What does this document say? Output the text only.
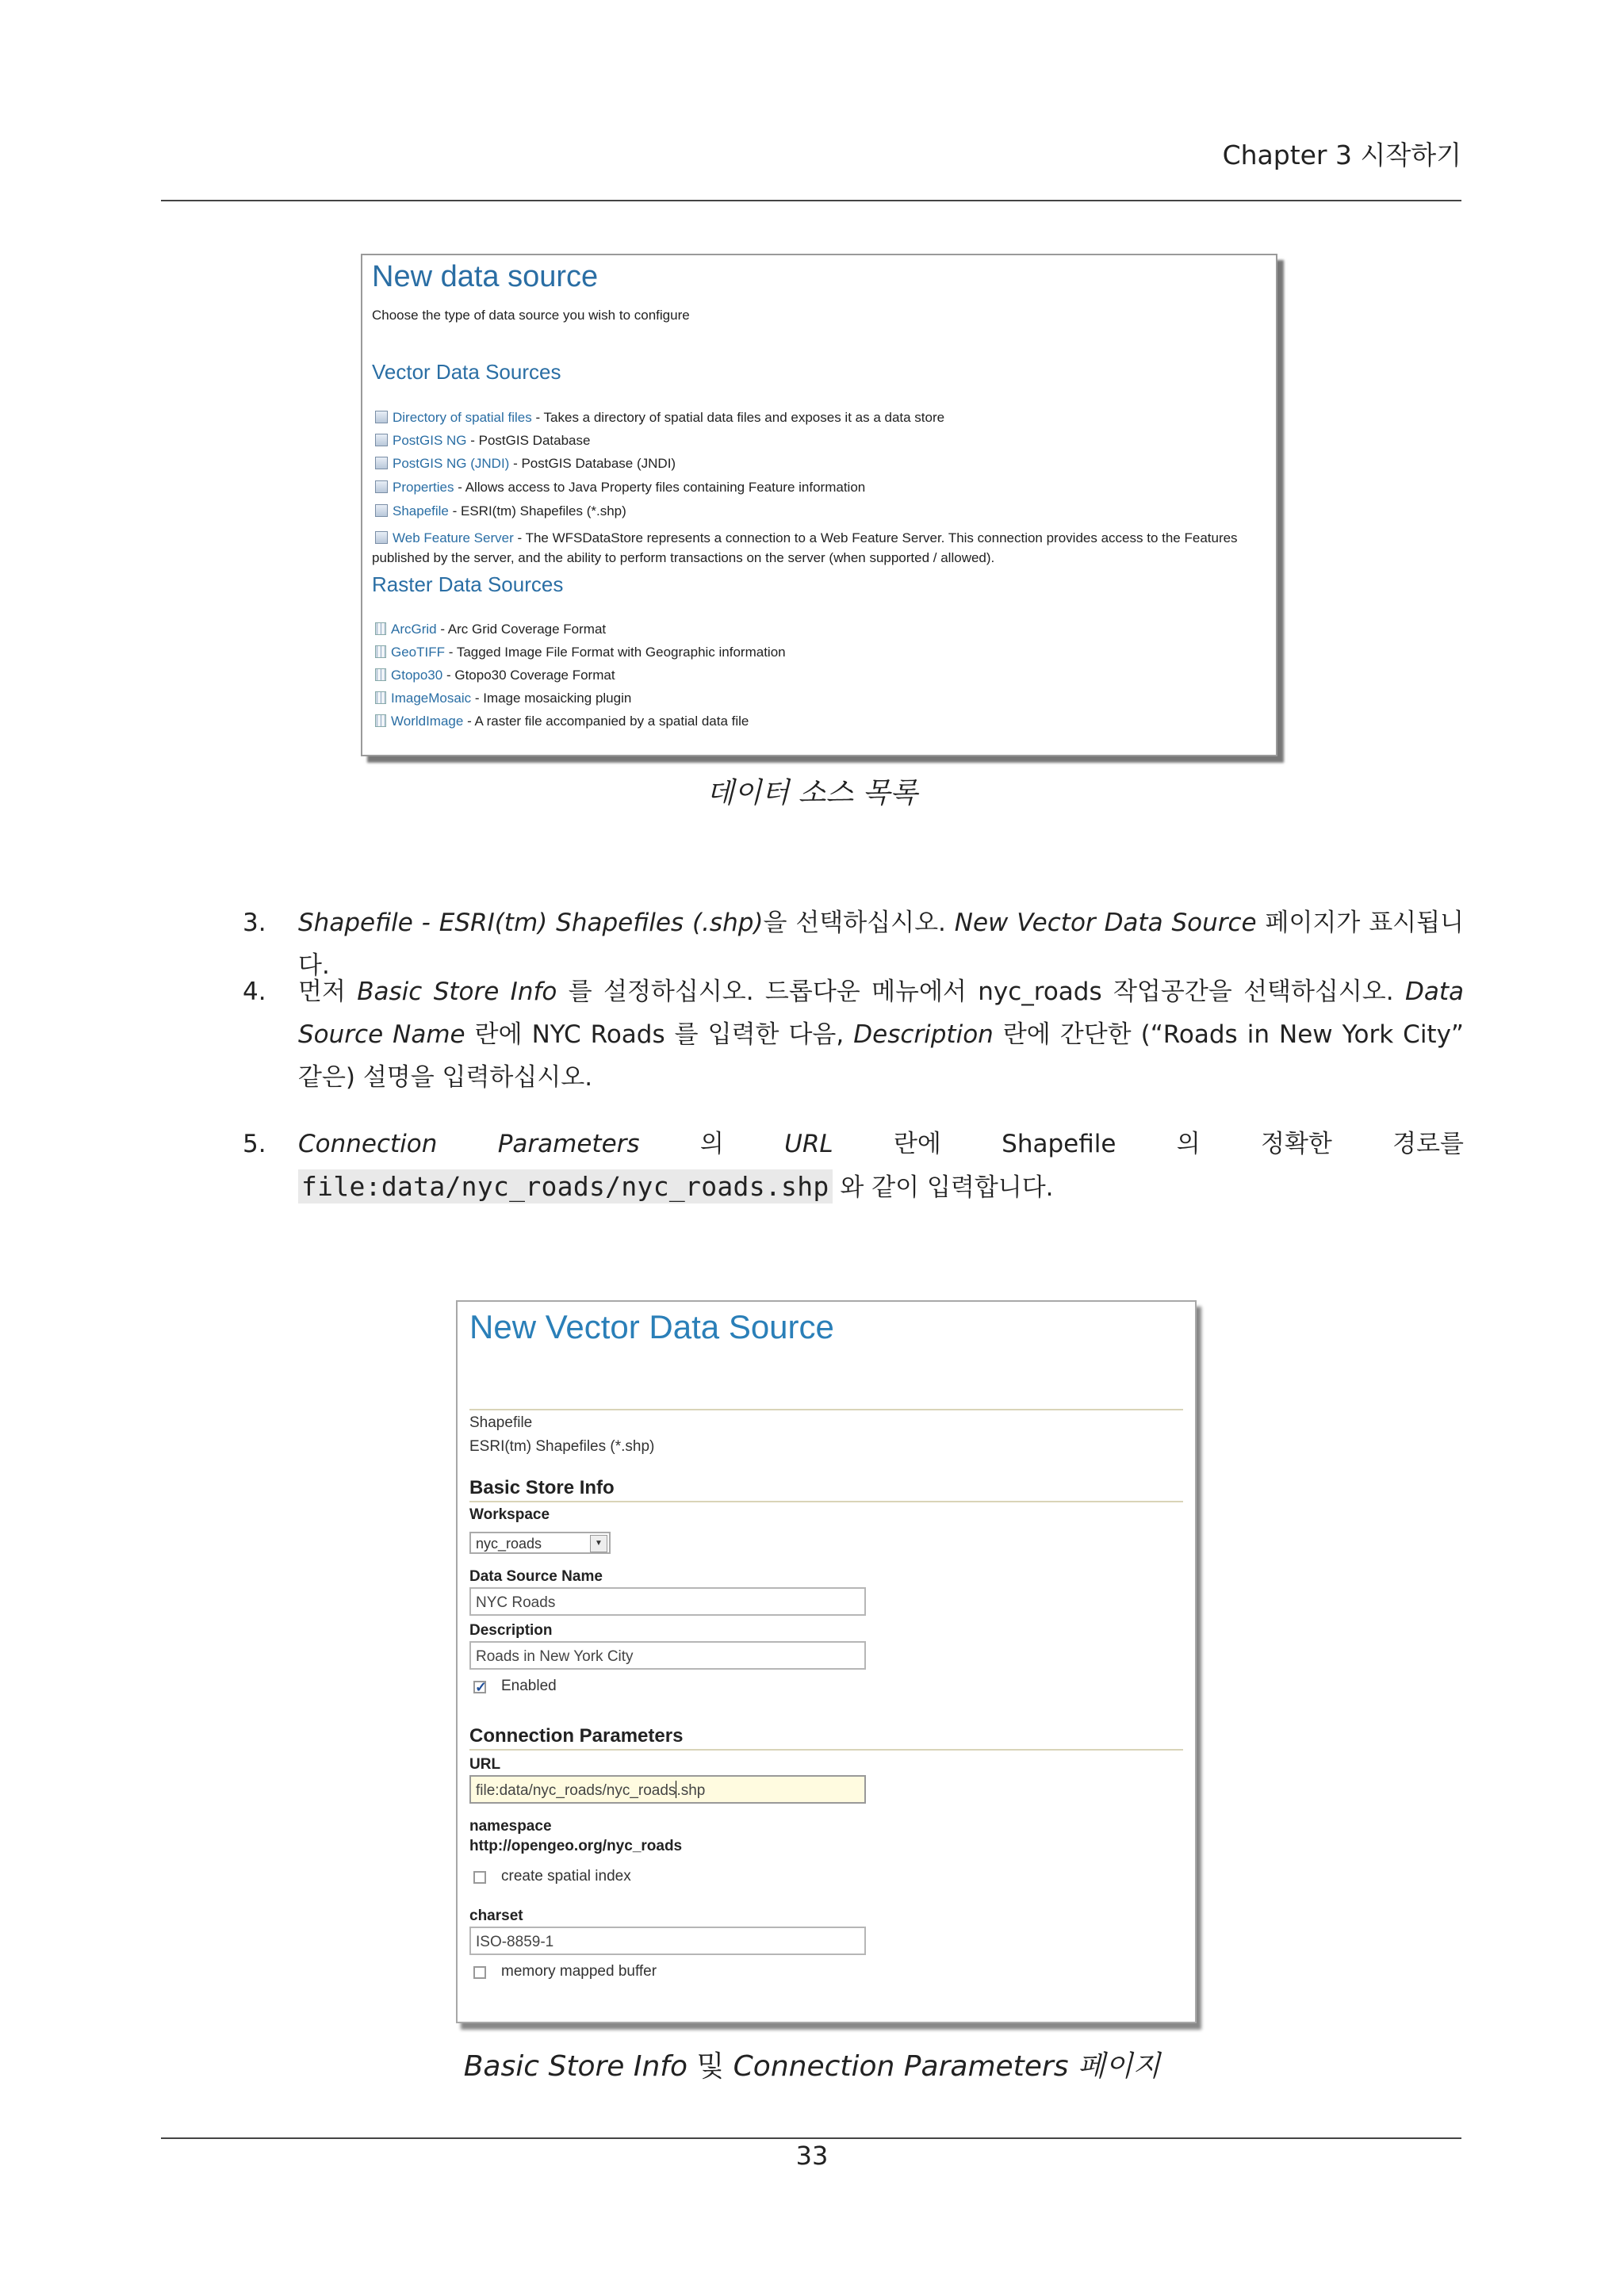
Chapter 3 시작하기
New data source
Choose the type of data source you wish to configure
Vector Data Sources
Directory of spatial files - Takes a directory of spatial data files and exposes it as a data store
PostGIS NG - PostGIS Database
PostGIS NG (JNDI) - PostGIS Database (JNDI)
Properties - Allows access to Java Property files containing Feature information
Shapefile - ESRI(tm) Shapefiles (*.shp)
Web Feature Server - The WFSDataStore represents a connection to a Web Feature Server. This connection provides access to the Features published by the server, and the ability to perform transactions on the server (when supported / allowed).
Raster Data Sources
ArcGrid - Arc Grid Coverage Format
GeoTIFF - Tagged Image File Format with Geographic information
Gtopo30 - Gtopo30 Coverage Format
ImageMosaic - Image mosaicking plugin
WorldImage - A raster file accompanied by a spatial data file
데이터 소스 목록
3. Shapefile - ESRI(tm) Shapefiles (.shp)을 선택하십시오. New Vector Data Source 페이지가 표시됩니다.
4. 먼저 Basic Store Info 를 설정하십시오. 드롭다운 메뉴에서 nyc_roads 작업공간을 선택하십시오. Data Source Name 란에 NYC Roads 를 입력한 다음, Description 란에 간단한 (“Roads in New York City” 같은) 설명을 입력하십시오.
5. Connection Parameters 의 URL 란에 Shapefile 의 정확한 경로를
file:data/nyc_roads/nyc_roads.shp 와 같이 입력합니다.
New Vector Data Source
Shapefile
ESRI(tm) Shapefiles (*.shp)
Basic Store Info
Workspace
nyc_roads	▼
Data Source Name
NYC Roads
Description
Roads in New York City
✓ Enabled
Connection Parameters
URL
file:data/nyc_roads/nyc_roads.shp
namespace
http://opengeo.org/nyc_roads
create spatial index
charset
ISO-8859-1
memory mapped buffer
Basic Store Info 및 Connection Parameters 페이지
33
